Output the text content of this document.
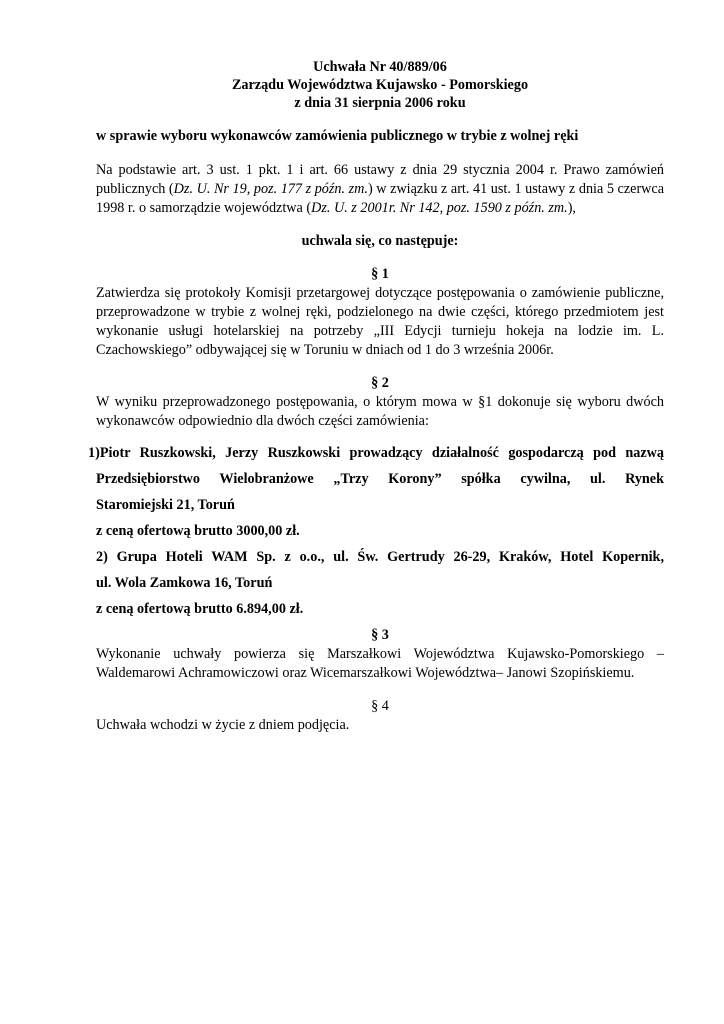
Uchwała Nr 40/889/06
Zarządu Województwa Kujawsko - Pomorskiego
z dnia 31 sierpnia 2006 roku

w sprawie wyboru wykonawców zamówienia publicznego w trybie z wolnej ręki

Na podstawie art. 3 ust. 1 pkt. 1 i art. 66 ustawy z dnia 29 stycznia 2004 r. Prawo zamówień publicznych (Dz. U. Nr 19, poz. 177 z późn. zm.) w związku z art. 41 ust. 1 ustawy z dnia 5 czerwca 1998 r. o samorządzie województwa (Dz. U. z 2001r. Nr 142, poz. 1590 z późn. zm.),

uchwala się, co następuje:

§ 1

Zatwierdza się protokoły Komisji przetargowej dotyczące postępowania o zamówienie publiczne, przeprowadzone w trybie z wolnej ręki, podzielonego na dwie części, którego przedmiotem jest wykonanie usługi hotelarskiej na potrzeby „III Edycji turnieju hokeja na lodzie im. L. Czachowskiego” odbywającej się w Toruniu w dniach od 1 do 3 września 2006r.

§ 2

W wyniku przeprowadzonego postępowania, o którym mowa w §1 dokonuje się wyboru dwóch wykonawców odpowiednio dla dwóch części zamówienia:

1)Piotr Ruszkowski, Jerzy Ruszkowski prowadzący działalność gospodarczą pod nazwą
Przedsiębiorstwo Wielobranżowe „Trzy Korony” spółka cywilna, ul. Rynek
Staromiejski 21, Toruń
z ceną ofertową brutto 3000,00 zł.
2) Grupa Hoteli WAM Sp. z o.o., ul. Św. Gertrudy 26-29, Kraków, Hotel Kopernik,
ul. Wola Zamkowa 16, Toruń
z ceną ofertową brutto 6.894,00 zł.

§ 3

Wykonanie uchwały powierza się Marszałkowi Województwa Kujawsko-Pomorskiego – Waldemarowi Achramowiczowi oraz Wicemarszałkowi Województwa– Janowi Szopińskiemu.

§ 4

Uchwała wchodzi w życie z dniem podjęcia.
